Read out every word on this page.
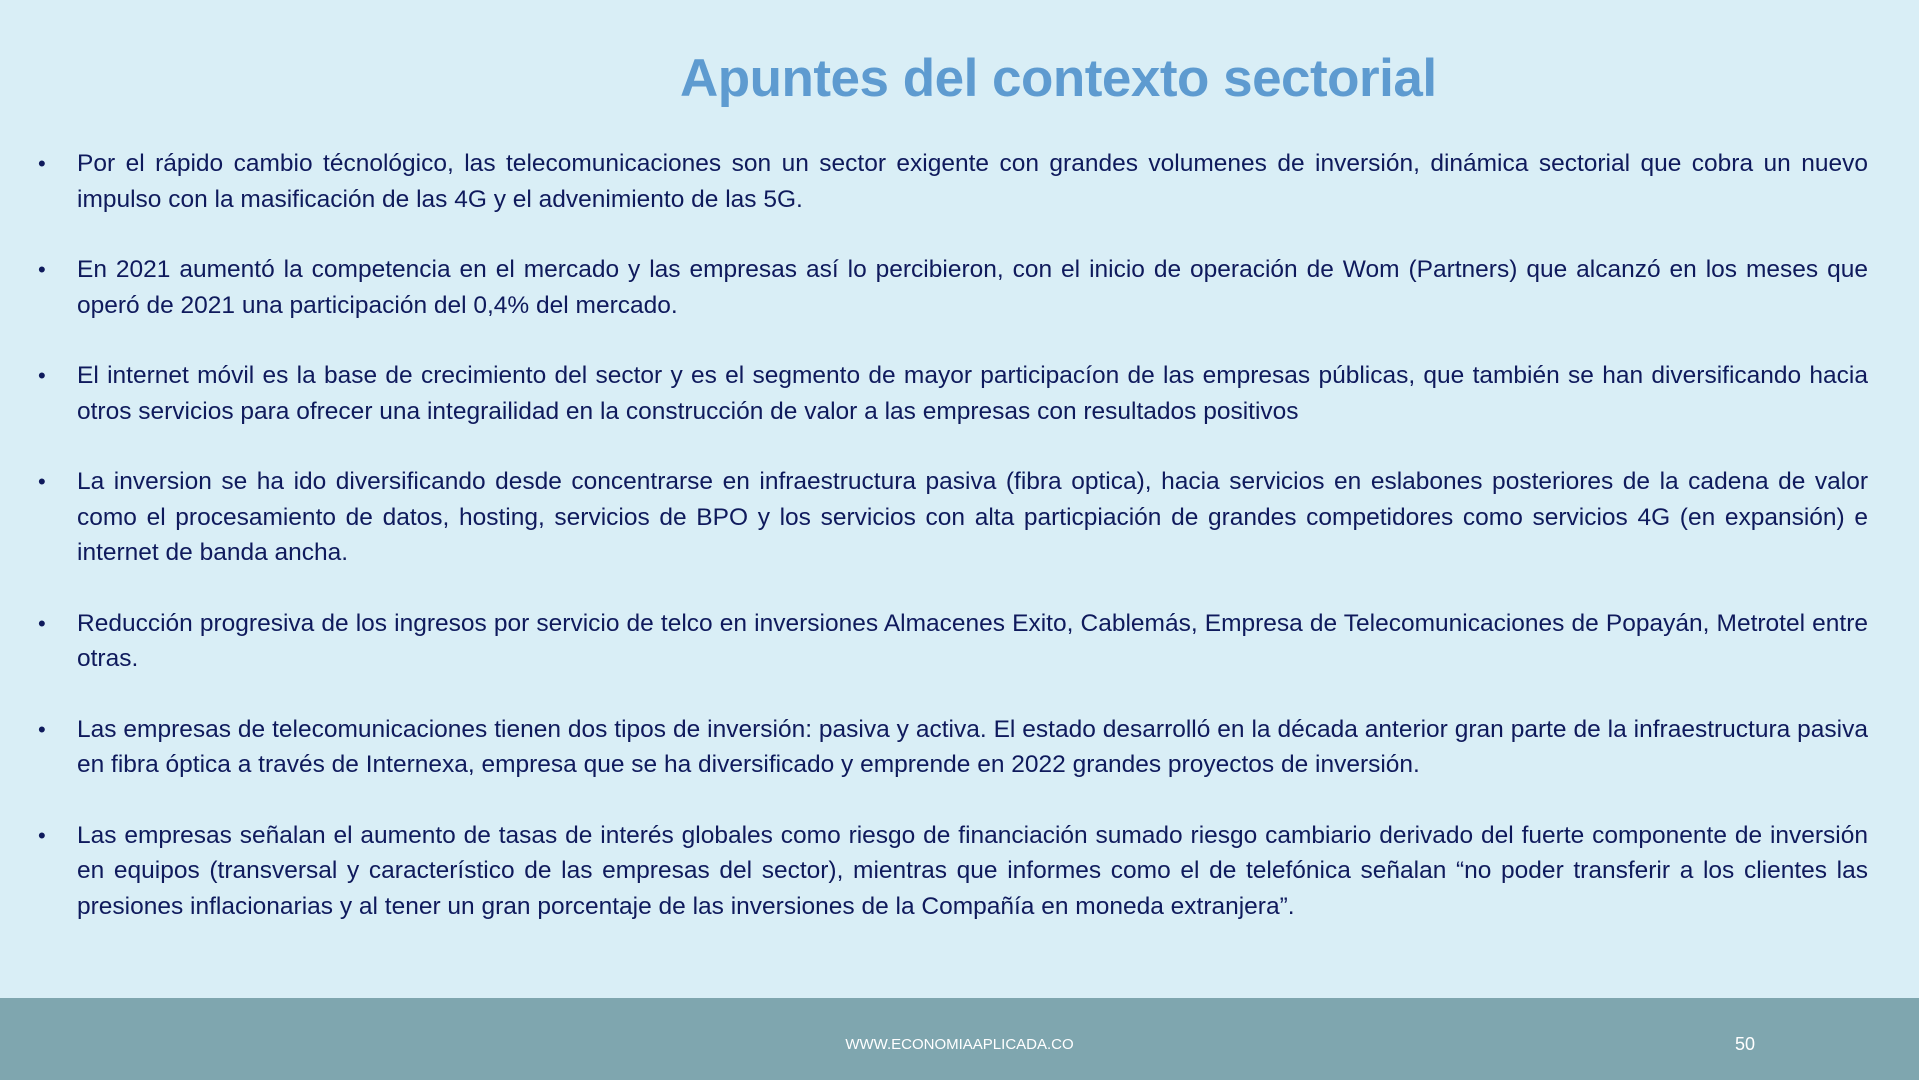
Apuntes del contexto sectorial
• Por el rápido cambio técnológico, las telecomunicaciones son un sector exigente con grandes volumenes de inversión, dinámica sectorial que cobra un nuevo impulso con la masificación de las 4G y el advenimiento de las 5G.
• En 2021 aumentó la competencia en el mercado y las empresas así lo percibieron, con el inicio de operación de Wom (Partners) que alcanzó en los meses que operó de 2021 una participación del 0,4% del mercado.
• El internet móvil es la base de crecimiento del sector y es el segmento de mayor participacíon de las empresas públicas, que también se han diversificando hacia otros servicios para ofrecer una integrailidad en la construcción de valor a las empresas con resultados positivos
• La inversion se ha ido diversificando desde concentrarse en infraestructura pasiva (fibra optica), hacia servicios en eslabones posteriores de la cadena de valor como el procesamiento de datos, hosting, servicios de BPO y los servicios con alta particpiación de grandes competidores como servicios 4G (en expansión) e internet de banda ancha.
• Reducción progresiva de los ingresos por servicio de telco en inversiones Almacenes Exito, Cablemás, Empresa de Telecomunicaciones de Popayán, Metrotel entre otras.
• Las empresas de telecomunicaciones tienen dos tipos de inversión: pasiva y activa. El estado desarrolló en la década anterior gran parte de la infraestructura pasiva en fibra óptica a través de Internexa, empresa que se ha diversificado y emprende en 2022 grandes proyectos de inversión.
• Las empresas señalan el aumento de tasas de interés globales como riesgo de financiación sumado riesgo cambiario derivado del fuerte componente de inversión en equipos (transversal y característico de las empresas del sector), mientras que informes como el de telefónica señalan “no poder transferir a los clientes las presiones inflacionarias y al tener un gran porcentaje de las inversiones de la Compañía en moneda extranjera”.
WWW.ECONOMIAAPLICADA.CO	50
